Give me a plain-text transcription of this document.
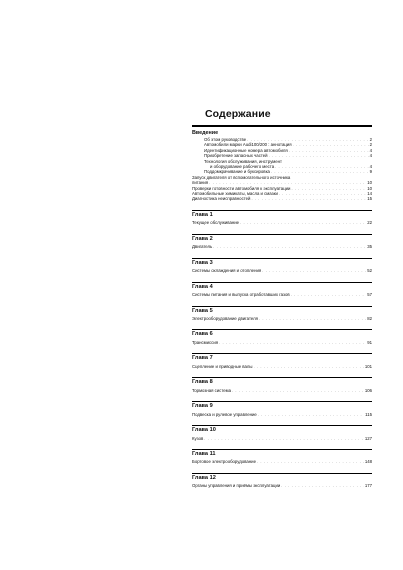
Содержание
Введение
Об этом руководстве . . .	2
Автомобили марки Audi100/200 : аннотация . . .	2
Идентификационные номера автомобиля . . .	4
Приобретение запасных частей . . .	4
Технология обслуживания, инструмент
и оборудование рабочего места . . .	4
Поддомкрачивание и буксировка . . .	9
Запуск двигателя от вспомогательного источника
питания . . .	10
Проверки готовности автомобиля к эксплуатации . . .	10
Автомобильные химикаты, масла и смазки . . .	14
Диагностика неисправностей . . .	15
Глава 1
Текущее обслуживание . . .	22
Глава 2
Двигатель . . .	35
Глава 3
Системы охлаждения и отопления . . .	52
Глава 4
Системы питания и выпуска отработавших газов . . .	57
Глава 5
Электрооборудование двигателя . . .	82
Глава 6
Трансмиссия . . .	91
Глава 7
Сцепление и приводные валы . . .	101
Глава 8
Тормозная система . . .	106
Глава 9
Подвеска и рулевое управление . . .	115
Глава 10
Кузов . . .	127
Глава 11
Бортовое электрооборудование . . .	148
Глава 12
Органы управления и приёмы эксплуатации . . .	177
